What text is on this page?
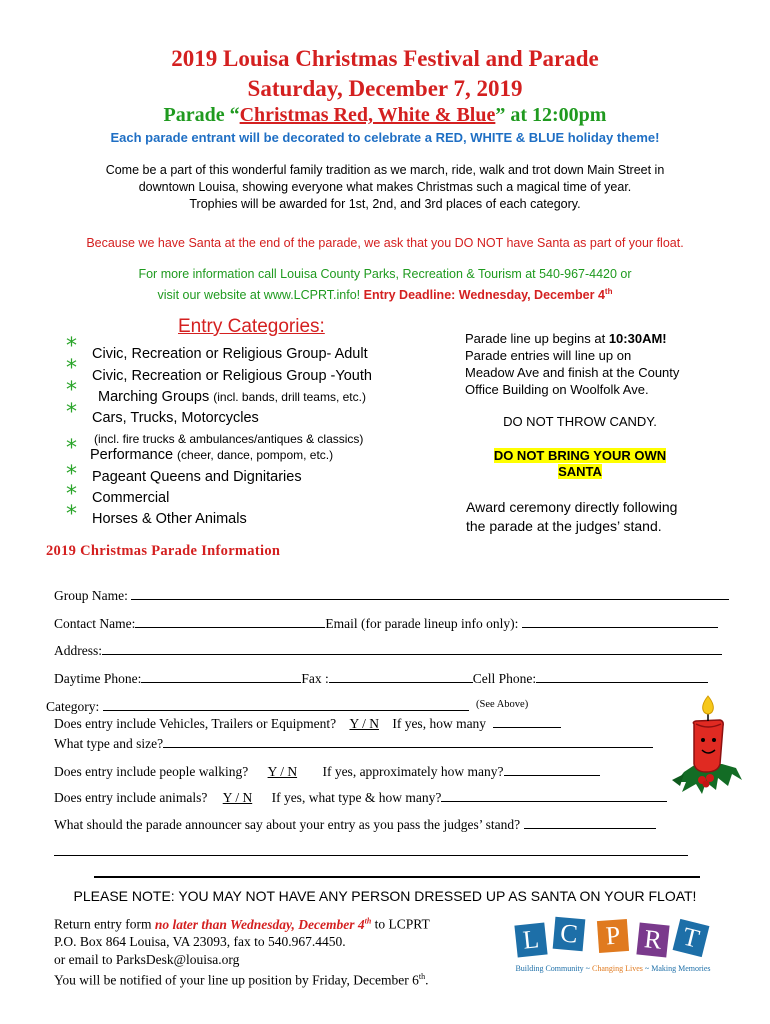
2019 Louisa Christmas Festival and Parade
Saturday, December 7, 2019
Parade “Christmas Red, White & Blue” at 12:00pm
Each parade entrant will be decorated to celebrate a RED, WHITE & BLUE holiday theme!
Come be a part of this wonderful family tradition as we march, ride, walk and trot down Main Street in
downtown Louisa, showing everyone what makes Christmas such a magical time of year.
Trophies will be awarded for 1st, 2nd, and 3rd places of each category.
Because we have Santa at the end of the parade, we ask that you DO NOT have Santa as part of your float.
For more information call Louisa County Parks, Recreation & Tourism at 540-967-4420 or
visit our website at www.LCPRT.info! Entry Deadline: Wednesday, December 4th
Entry Categories:
*
*
*
*
*
*
*
*
Civic, Recreation or Religious Group- Adult
Civic, Recreation or Religious Group -Youth
Marching Groups (incl. bands, drill teams, etc.)
Cars, Trucks, Motorcycles
(incl. fire trucks & ambulances/antiques & classics)
Performance (cheer, dance, pompom, etc.)
Pageant Queens and Dignitaries
Commercial
Horses & Other Animals
Parade line up begins at 10:30AM!
Parade entries will line up on
Meadow Ave and finish at the County
Office Building on Woolfolk Ave.
DO NOT THROW CANDY.
DO NOT BRING YOUR OWN
SANTA
Award ceremony directly following
the parade at the judges’ stand.
2019 Christmas Parade Information
Group Name:
Contact Name:	Email (for parade lineup info only):
Address:
Daytime Phone:	Fax :	Cell Phone:
Category:	$^{(See Above)}$
Does entry include Vehicles, Trailers or Equipment? Y / N If yes, how many
What type and size?
Does entry include people walking? Y / N If yes, approximately how many?
Does entry include animals? Y / N If yes, what type & how many?
What should the parade announcer say about your entry as you pass the judges’ stand?
PLEASE NOTE: YOU MAY NOT HAVE ANY PERSON DRESSED UP AS SANTA ON YOUR FLOAT!
Return entry form no later than Wednesday, December 4th to LCPRT
P.O. Box 864 Louisa, VA 23093, fax to 540.967.4450.
or email to ParksDesk@louisa.org
You will be notified of your line up position by Friday, December 6th.
L C P R T
Building Community ~ Changing Lives ~ Making Memories
